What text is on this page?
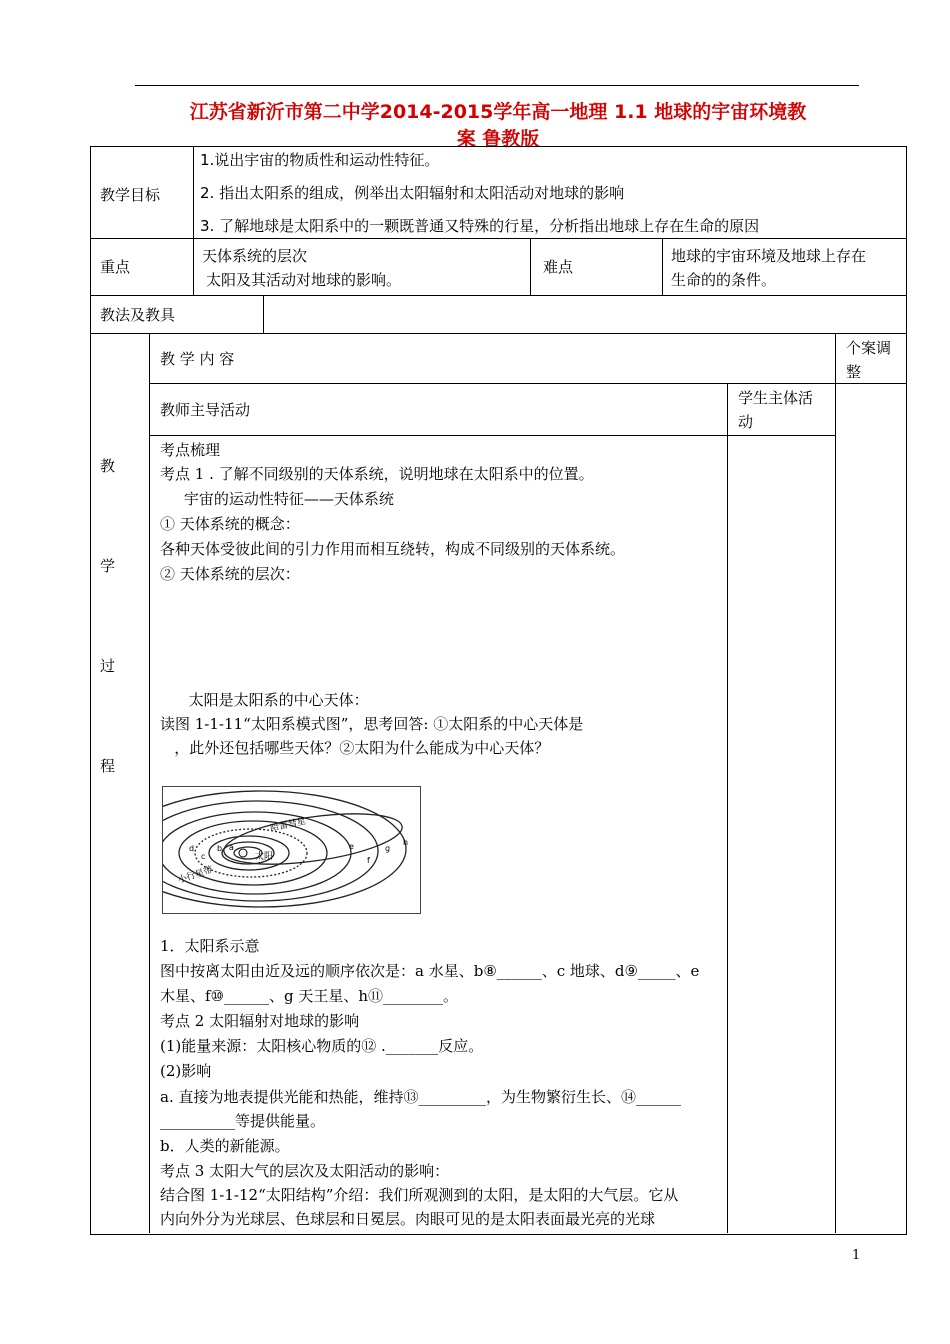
江苏省新沂市第二中学2014-2015学年高一地理 1.1 地球的宇宙环境教
案 鲁教版
教学目标
1.说出宇宙的物质性和运动性特征。
2. 指出太阳系的组成，例举出太阳辐射和太阳活动对地球的影响
3. 了解地球是太阳系中的一颗既普通又特殊的行星，分析指出地球上存在生命的原因
重点
天体系统的层次
太阳及其活动对地球的影响。
难点
地球的宇宙环境及地球上存在
生命的的条件。
教法及教具
教 学 内 容
个案调
整
教师主导活动
学生主体活
动
教
学
过
程
考点梳理
考点 1 . 了解不同级别的天体系统，说明地球在太阳系中的位置。
宇宙的运动性特征——天体系统
① 天体系统的概念：
各种天体受彼此间的引力作用而相互绕转，构成不同级别的天体系统。
② 天体系统的层次：
太阳是太阳系的中心天体：
读图 1-1-11“太阳系模式图”，思考回答: ①太阳系的中心天体是
，此外还包括哪些天体？②太阳为什么能成为中心天体？
太阳
哈雷彗星
小行星带
a
b
c
d	e
f
g
h
1．太阳系示意
图中按离太阳由近及远的顺序依次是：a 水星、b⑧______、c 地球、d⑨_____、e
木星、f⑩______、g 天王星、h⑪________。
考点 2 太阳辐射对地球的影响
(1)能量来源：太阳核心物质的⑫ ._______反应。
(2)影响
a. 直接为地表提供光能和热能，维持⑬_________，为生物繁衍生长、⑭______
__________等提供能量。
b．人类的新能源。
考点 3 太阳大气的层次及太阳活动的影响：
结合图 1-1-12“太阳结构”介绍：我们所观测到的太阳，是太阳的大气层。它从
内向外分为光球层、色球层和日冕层。肉眼可见的是太阳表面最光亮的光球
1
